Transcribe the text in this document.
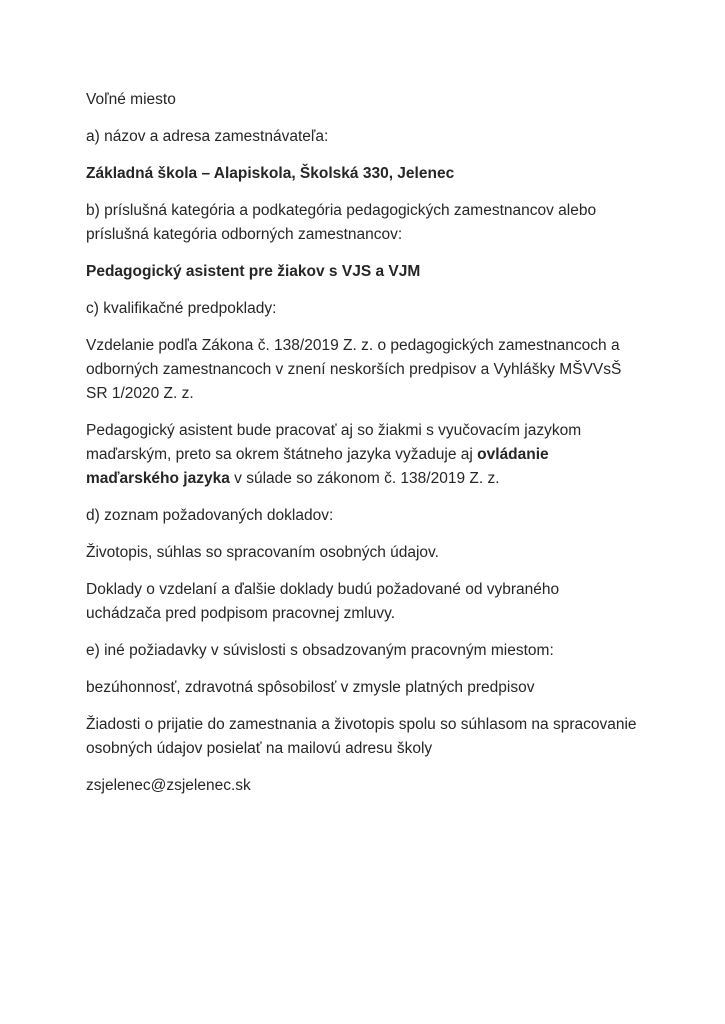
Voľné miesto

a) názov a adresa zamestnávateľa:

Základná škola – Alapiskola, Školská 330, Jelenec

b) príslušná kategória a podkategória pedagogických zamestnancov alebo príslušná kategória odborných zamestnancov:

Pedagogický asistent pre žiakov s VJS a VJM

c) kvalifikačné predpoklady:

Vzdelanie podľa Zákona č. 138/2019 Z. z. o pedagogických zamestnancoch a odborných zamestnancoch v znení neskorších predpisov a Vyhlášky MŠVVsŠ SR 1/2020 Z. z.

Pedagogický asistent bude pracovať aj so žiakmi s vyučovacím jazykom maďarským, preto sa okrem štátneho jazyka vyžaduje aj ovládanie maďarského jazyka v súlade so zákonom č. 138/2019 Z. z.

d) zoznam požadovaných dokladov:

Životopis, súhlas so spracovaním osobných údajov.

Doklady o vzdelaní a ďalšie doklady budú požadované od vybraného uchádzača pred podpisom pracovnej zmluvy.

e) iné požiadavky v súvislosti s obsadzovaným pracovným miestom:

bezúhonnosť, zdravotná spôsobilosť v zmysle platných predpisov

Žiadosti o prijatie do zamestnania a životopis spolu so súhlasom na spracovanie osobných údajov posielať na mailovú adresu školy

zsjelenec@zsjelenec.sk
